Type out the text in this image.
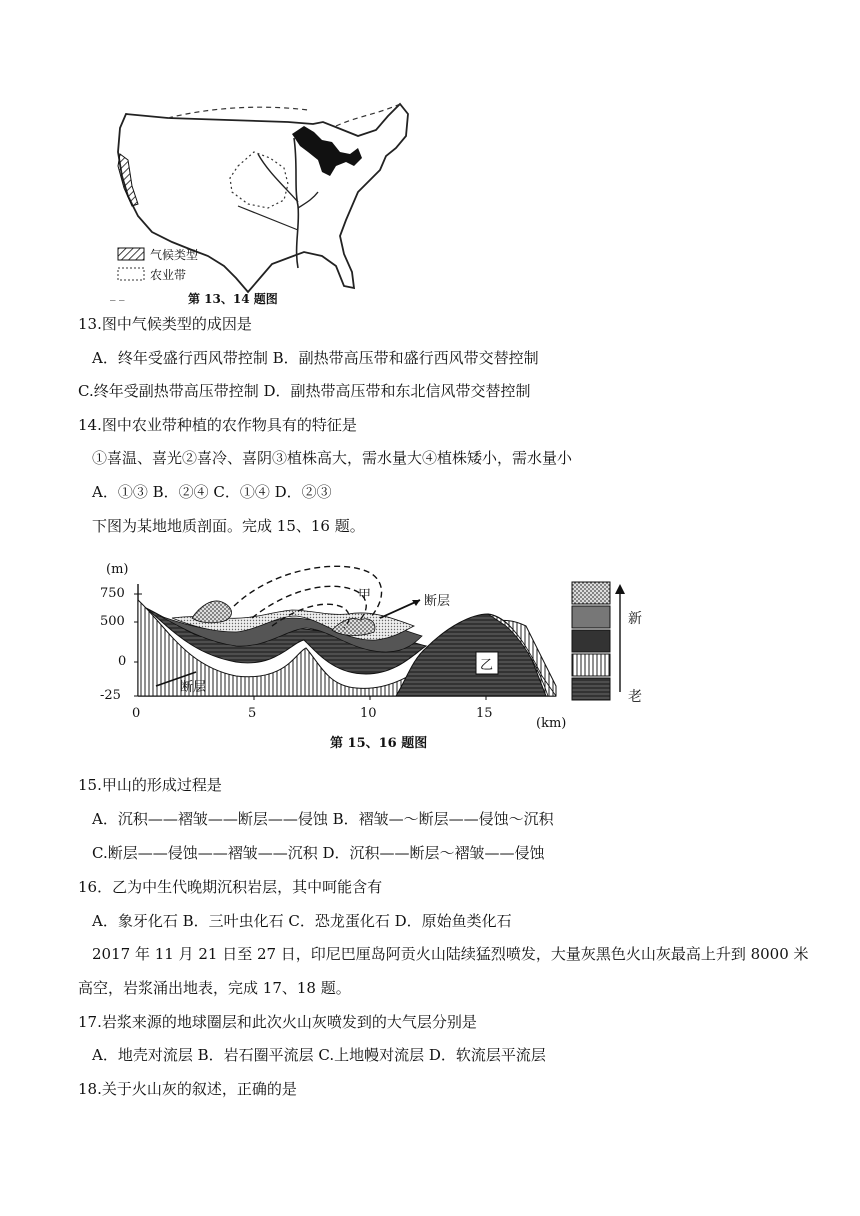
气候类型
农业带
第 13、14 题图
_ _
13.图中气候类型的成因是
A．终年受盛行西风带控制 B．副热带高压带和盛行西风带交替控制
C.终年受副热带高压带控制 D．副热带高压带和东北信风带交替控制
14.图中农业带种植的农作物具有的特征是
①喜温、喜光②喜冷、喜阴③植株高大，需水量大④植株矮小，需水量小
A．①③ B．②④ C．①④ D．②③
下图为某地地质剖面。完成 15、16 题。
(m)
750
500
0
-25
0	5	10	15
(km)
甲	断层
断层
乙
新
老
第 15、16 题图
15.甲山的形成过程是
A．沉积——褶皱——断层——侵蚀 B．褶皱—～断层——侵蚀～沉积
C.断层——侵蚀——褶皱——沉积 D．沉积——断层～褶皱——侵蚀
16．乙为中生代晚期沉积岩层，其中呵能含有
A．象牙化石 B．三叶虫化石 C．恐龙蛋化石 D．原始鱼类化石
2017 年 11 月 21 日至 27 日，印尼巴厘岛阿贡火山陆续猛烈喷发，大量灰黑色火山灰最高上升到 8000 米
高空，岩浆涌出地表，完成 17、18 题。
17.岩浆来源的地球圈层和此次火山灰喷发到的大气层分别是
A．地壳对流层 B．岩石圈平流层 C.上地幔对流层 D．软流层平流层
18.关于火山灰的叙述，正确的是
